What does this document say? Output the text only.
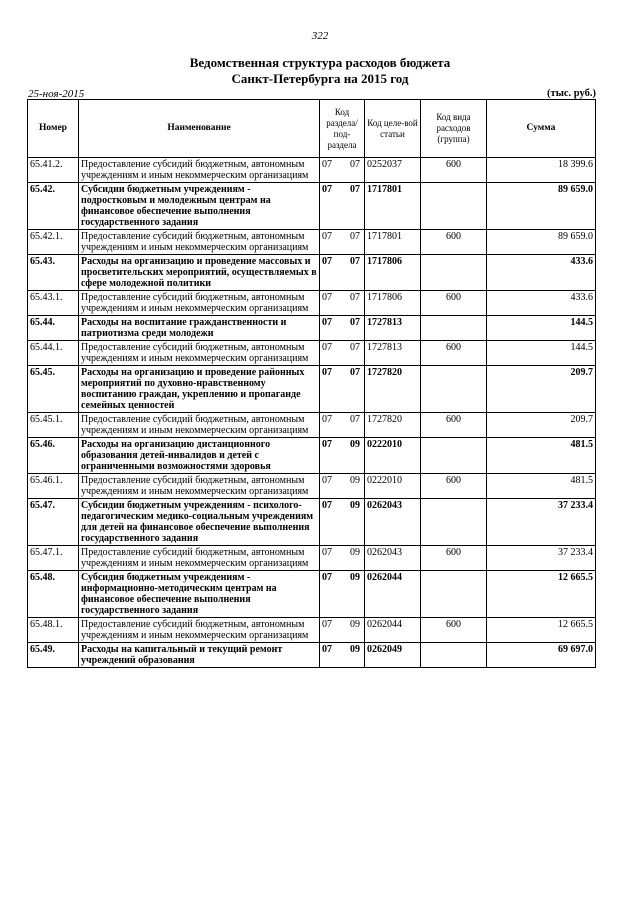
322
Ведомственная структура расходов бюджета
Санкт-Петербурга на 2015 год
25-ноя-2015	(тыс. руб.)
Номер	Наименование	Код раздела/ под-раздела	Код целе-вой статьи	Код вида расходов (группа)	Сумма
65.41.2.	Предоставление субсидий бюджетным, автономным учреждениям и иным некоммерческим организациям	07 07	0252037	600	18 399.6
65.42.	Субсидии бюджетным учреждениям - подростковым и молодежным центрам на финансовое обеспечение выполнения государственного задания	07 07	1717801		89 659.0
65.42.1.	Предоставление субсидий бюджетным, автономным учреждениям и иным некоммерческим организациям	07 07	1717801	600	89 659.0
65.43.	Расходы на организацию и проведение массовых и просветительских мероприятий, осуществляемых в сфере молодежной политики	07 07	1717806		433.6
65.43.1.	Предоставление субсидий бюджетным, автономным учреждениям и иным некоммерческим организациям	07 07	1717806	600	433.6
65.44.	Расходы на воспитание гражданственности и патриотизма среди молодежи	07 07	1727813		144.5
65.44.1.	Предоставление субсидий бюджетным, автономным учреждениям и иным некоммерческим организациям	07 07	1727813	600	144.5
65.45.	Расходы на организацию и проведение районных мероприятий по духовно-нравственному воспитанию граждан, укреплению и пропаганде семейных ценностей	07 07	1727820		209.7
65.45.1.	Предоставление субсидий бюджетным, автономным учреждениям и иным некоммерческим организациям	07 07	1727820	600	209.7
65.46.	Расходы на организацию дистанционного образования детей-инвалидов и детей с ограниченными возможностями здоровья	07 09	0222010		481.5
65.46.1.	Предоставление субсидий бюджетным, автономным учреждениям и иным некоммерческим организациям	07 09	0222010	600	481.5
65.47.	Субсидии бюджетным учреждениям - психолого-педагогическим медико-социальным учреждениям для детей на финансовое обеспечение выполнения государственного задания	07 09	0262043		37 233.4
65.47.1.	Предоставление субсидий бюджетным, автономным учреждениям и иным некоммерческим организациям	07 09	0262043	600	37 233.4
65.48.	Субсидия бюджетным учреждениям - информационно-методическим центрам на финансовое обеспечение выполнения государственного задания	07 09	0262044		12 665.5
65.48.1.	Предоставление субсидий бюджетным, автономным учреждениям и иным некоммерческим организациям	07 09	0262044	600	12 665.5
65.49.	Расходы на капитальный и текущий ремонт учреждений образования	07 09	0262049		69 697.0
